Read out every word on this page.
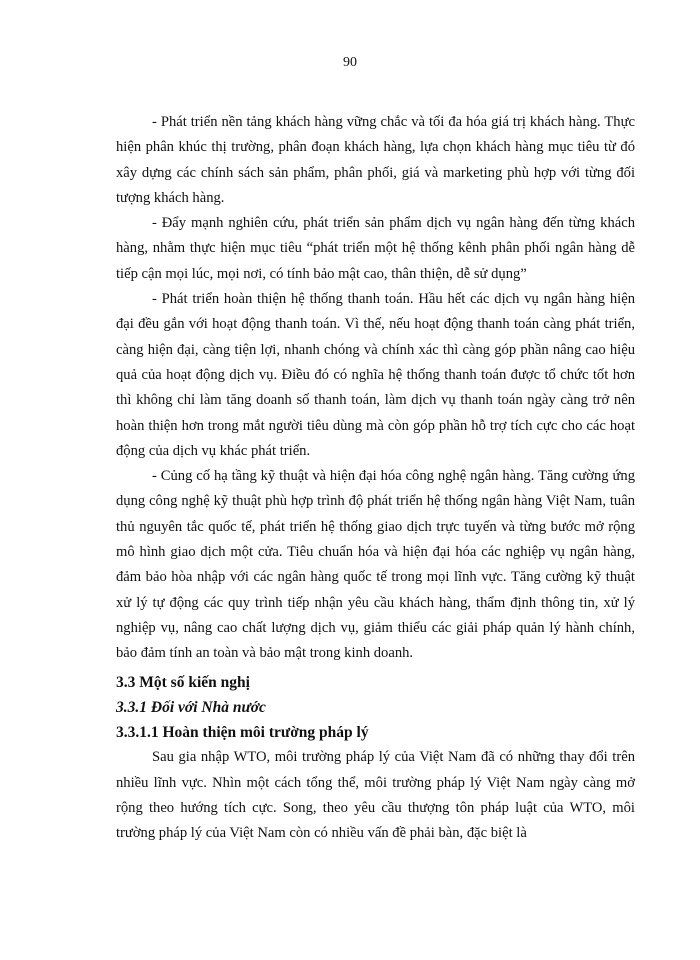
90

- Phát triển nền tảng khách hàng vững chắc và tối đa hóa giá trị khách hàng. Thực hiện phân khúc thị trường, phân đoạn khách hàng, lựa chọn khách hàng mục tiêu từ đó xây dựng các chính sách sản phẩm, phân phối, giá và marketing phù hợp với từng đối tượng khách hàng.

- Đẩy mạnh nghiên cứu, phát triển sản phẩm dịch vụ ngân hàng đến từng khách hàng, nhằm thực hiện mục tiêu “phát triển một hệ thống kênh phân phối ngân hàng dễ tiếp cận mọi lúc, mọi nơi, có tính bảo mật cao, thân thiện, dễ sử dụng”

- Phát triển hoàn thiện hệ thống thanh toán. Hầu hết các dịch vụ ngân hàng hiện đại đều gắn với hoạt động thanh toán. Vì thế, nếu hoạt động thanh toán càng phát triển, càng hiện đại, càng tiện lợi, nhanh chóng và chính xác thì càng góp phần nâng cao hiệu quả của hoạt động dịch vụ. Điều đó có nghĩa hệ thống thanh toán được tổ chức tốt hơn thì không chỉ làm tăng doanh số thanh toán, làm dịch vụ thanh toán ngày càng trở nên hoàn thiện hơn trong mắt người tiêu dùng mà còn góp phần hỗ trợ tích cực cho các hoạt động của dịch vụ khác phát triển.

- Củng cố hạ tầng kỹ thuật và hiện đại hóa công nghệ ngân hàng. Tăng cường ứng dụng công nghệ kỹ thuật phù hợp trình độ phát triển hệ thống ngân hàng Việt Nam, tuân thủ nguyên tắc quốc tế, phát triển hệ thống giao dịch trực tuyến và từng bước mở rộng mô hình giao dịch một cửa. Tiêu chuẩn hóa và hiện đại hóa các nghiệp vụ ngân hàng, đảm bảo hòa nhập với các ngân hàng quốc tế trong mọi lĩnh vực. Tăng cường kỹ thuật xử lý tự động các quy trình tiếp nhận yêu cầu khách hàng, thẩm định thông tin, xử lý nghiệp vụ, nâng cao chất lượng dịch vụ, giảm thiểu các giải pháp quản lý hành chính, bảo đảm tính an toàn và bảo mật trong kinh doanh.

3.3 Một số kiến nghị
3.3.1 Đối với Nhà nước
3.3.1.1 Hoàn thiện môi trường pháp lý

Sau gia nhập WTO, môi trường pháp lý của Việt Nam đã có những thay đổi trên nhiều lĩnh vực. Nhìn một cách tổng thể, môi trường pháp lý Việt Nam ngày càng mở rộng theo hướng tích cực. Song, theo yêu cầu thượng tôn pháp luật của WTO, môi trường pháp lý của Việt Nam còn có nhiều vấn đề phải bàn, đặc biệt là
